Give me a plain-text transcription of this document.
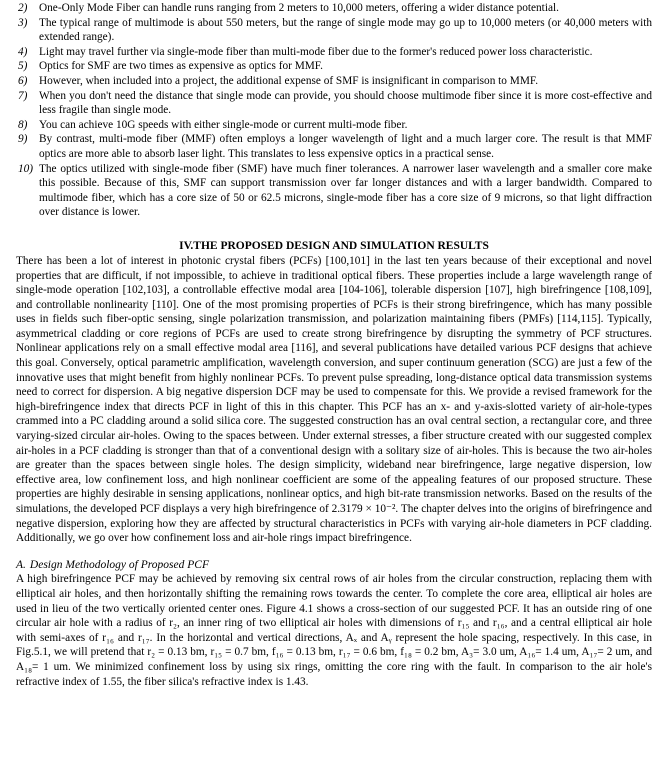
2) One-Only Mode Fiber can handle runs ranging from 2 meters to 10,000 meters, offering a wider distance potential.
3) The typical range of multimode is about 550 meters, but the range of single mode may go up to 10,000 meters (or 40,000 meters with extended range).
4) Light may travel further via single-mode fiber than multi-mode fiber due to the former's reduced power loss characteristic.
5) Optics for SMF are two times as expensive as optics for MMF.
6) However, when included into a project, the additional expense of SMF is insignificant in comparison to MMF.
7) When you don't need the distance that single mode can provide, you should choose multimode fiber since it is more cost-effective and less fragile than single mode.
8) You can achieve 10G speeds with either single-mode or current multi-mode fiber.
9) By contrast, multi-mode fiber (MMF) often employs a longer wavelength of light and a much larger core. The result is that MMF optics are more able to absorb laser light. This translates to less expensive optics in a practical sense.
10) The optics utilized with single-mode fiber (SMF) have much finer tolerances. A narrower laser wavelength and a smaller core make this possible. Because of this, SMF can support transmission over far longer distances and with a larger bandwidth. Compared to multimode fiber, which has a core size of 50 or 62.5 microns, single-mode fiber has a core size of 9 microns, so that light diffraction over distance is lower.
IV.THE PROPOSED DESIGN AND SIMULATION RESULTS

There has been a lot of interest in photonic crystal fibers (PCFs) [100,101] in the last ten years because of their exceptional and novel properties that are difficult, if not impossible, to achieve in traditional optical fibers. These properties include a large wavelength range of single-mode operation [102,103], a controllable effective modal area [104-106], tolerable dispersion [107], high birefringence [108,109], and controllable nonlinearity [110]. One of the most promising properties of PCFs is their strong birefringence, which has many possible uses in fields such fiber-optic sensing, single polarization transmission, and polarization maintaining fibers (PMFs) [114,115]. Typically, asymmetrical cladding or core regions of PCFs are used to create strong birefringence by disrupting the symmetry of PCF structures. Nonlinear applications rely on a small effective modal area [116], and several publications have detailed various PCF designs that achieve this goal. Conversely, optical parametric amplification, wavelength conversion, and super continuum generation (SCG) are just a few of the innovative uses that might benefit from highly nonlinear PCFs. To prevent pulse spreading, long-distance optical data transmission systems need to correct for dispersion. A big negative dispersion DCF may be used to compensate for this. We provide a revised framework for the high-birefringence index that directs PCF in light of this in this chapter. This PCF has an x- and y-axis-slotted variety of air-hole-types crammed into a PC cladding around a solid silica core. The suggested construction has an oval central section, a rectangular core, and three varying-sized circular air-holes. Owing to the spaces between. Under external stresses, a fiber structure created with our suggested complex air-holes in a PCF cladding is stronger than that of a conventional design with a solitary size of air-holes. This is because the two air-holes are greater than the spaces between single holes. The design simplicity, wideband near birefringence, large negative dispersion, low effective area, low confinement loss, and high nonlinear coefficient are some of the appealing features of our proposed structure. These properties are highly desirable in sensing applications, nonlinear optics, and high bit-rate transmission networks. Based on the results of the simulations, the developed PCF displays a very high birefringence of 2.3179 × 10⁻². The chapter delves into the origins of birefringence and negative dispersion, exploring how they are affected by structural characteristics in PCFs with varying air-hole diameters in PCF cladding. Additionally, we go over how confinement loss and air-hole rings impact birefringence.

A. Design Methodology of Proposed PCF

A high birefringence PCF may be achieved by removing six central rows of air holes from the circular construction, replacing them with elliptical air holes, and then horizontally shifting the remaining rows towards the center. To complete the core area, elliptical air holes are used in lieu of the two vertically oriented center ones. Figure 4.1 shows a cross-section of our suggested PCF. It has an outside ring of one circular air hole with a radius of r₂, an inner ring of two elliptical air holes with dimensions of r₁₅ and r₁₆, and a central elliptical air hole with semi-axes of r₁₆ and r₁₇. In the horizontal and vertical directions, Aₓ and Aᵧ represent the hole spacing, respectively. In this case, in Fig.5.1, we will pretend that r₂ = 0.13 bm, r₁₅ = 0.7 bm, f₁₆ = 0.13 bm, r₁₇ = 0.6 bm, f₁₈ = 0.2 bm, A₃= 3.0 um, A₁₆= 1.4 um, A₁₇= 2 um, and A₁₈= 1 um. We minimized confinement loss by using six rings, omitting the core ring with the fault. In comparison to the air hole's refractive index of 1.55, the fiber silica's refractive index is 1.43.
